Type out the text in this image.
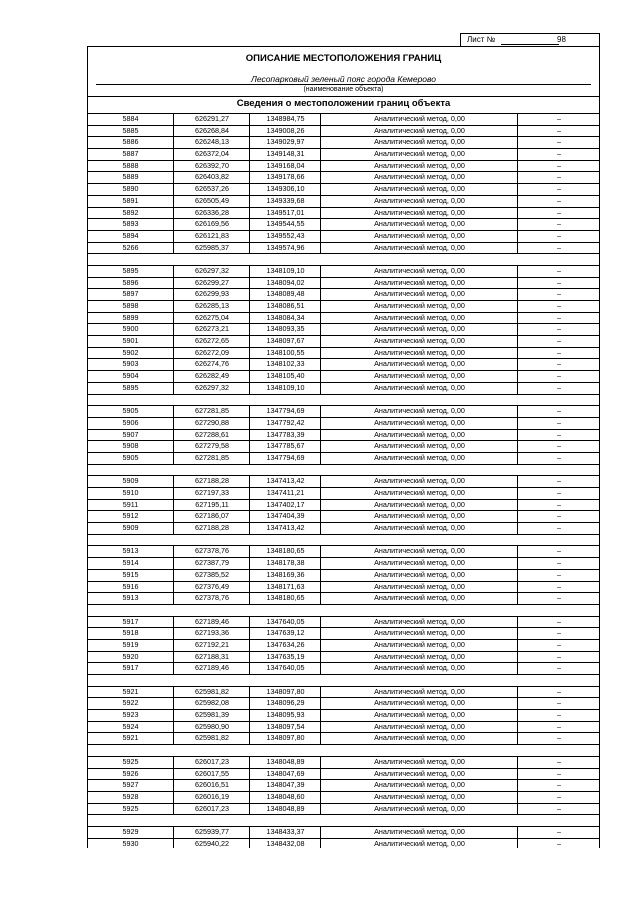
Лист №	98
ОПИСАНИЕ МЕСТОПОЛОЖЕНИЯ ГРАНИЦ
Лесопарковый зеленый пояс города Кемерово
(наименование объекта)
Сведения о местоположении границ объекта
5884	626291,27	1348984,75	Аналитический метод, 0,00	–
5885	626268,84	1349008,26	Аналитический метод, 0,00	–
5886	626248,13	1349029,97	Аналитический метод, 0,00	–
5887	626372,04	1349148,31	Аналитический метод, 0,00	–
5888	626392,70	1349168,04	Аналитический метод, 0,00	–
5889	626403,82	1349178,66	Аналитический метод, 0,00	–
5890	626537,26	1349306,10	Аналитический метод, 0,00	–
5891	626505,49	1349339,68	Аналитический метод, 0,00	–
5892	626336,28	1349517,01	Аналитический метод, 0,00	–
5893	626169,56	1349544,55	Аналитический метод, 0,00	–
5894	626121,83	1349552,43	Аналитический метод, 0,00	–
5266	625985,37	1349574,96	Аналитический метод, 0,00	–
5895	626297,32	1348109,10	Аналитический метод, 0,00	–
5896	626299,27	1348094,02	Аналитический метод, 0,00	–
5897	626299,93	1348089,48	Аналитический метод, 0,00	–
5898	626285,13	1348086,51	Аналитический метод, 0,00	–
5899	626275,04	1348084,34	Аналитический метод, 0,00	–
5900	626273,21	1348093,35	Аналитический метод, 0,00	–
5901	626272,65	1348097,67	Аналитический метод, 0,00	–
5902	626272,09	1348100,55	Аналитический метод, 0,00	–
5903	626274,76	1348102,33	Аналитический метод, 0,00	–
5904	626282,49	1348105,40	Аналитический метод, 0,00	–
5895	626297,32	1348109,10	Аналитический метод, 0,00	–
5905	627281,85	1347794,69	Аналитический метод, 0,00	–
5906	627290,88	1347792,42	Аналитический метод, 0,00	–
5907	627288,61	1347783,39	Аналитический метод, 0,00	–
5908	627279,58	1347785,67	Аналитический метод, 0,00	–
5905	627281,85	1347794,69	Аналитический метод, 0,00	–
5909	627188,28	1347413,42	Аналитический метод, 0,00	–
5910	627197,33	1347411,21	Аналитический метод, 0,00	–
5911	627195,11	1347402,17	Аналитический метод, 0,00	–
5912	627186,07	1347404,39	Аналитический метод, 0,00	–
5909	627188,28	1347413,42	Аналитический метод, 0,00	–
5913	627378,76	1348180,65	Аналитический метод, 0,00	–
5914	627387,79	1348178,38	Аналитический метод, 0,00	–
5915	627385,52	1348169,36	Аналитический метод, 0,00	–
5916	627376,49	1348171,63	Аналитический метод, 0,00	–
5913	627378,76	1348180,65	Аналитический метод, 0,00	–
5917	627189,46	1347640,05	Аналитический метод, 0,00	–
5918	627193,36	1347639,12	Аналитический метод, 0,00	–
5919	627192,21	1347634,26	Аналитический метод, 0,00	–
5920	627188,31	1347635,19	Аналитический метод, 0,00	–
5917	627189,46	1347640,05	Аналитический метод, 0,00	–
5921	625981,82	1348097,80	Аналитический метод, 0,00	–
5922	625982,08	1348096,29	Аналитический метод, 0,00	–
5923	625981,39	1348095,93	Аналитический метод, 0,00	–
5924	625980,90	1348097,54	Аналитический метод, 0,00	–
5921	625981,82	1348097,80	Аналитический метод, 0,00	–
5925	626017,23	1348048,89	Аналитический метод, 0,00	–
5926	626017,55	1348047,69	Аналитический метод, 0,00	–
5927	626016,51	1348047,39	Аналитический метод, 0,00	–
5928	626016,19	1348048,60	Аналитический метод, 0,00	–
5925	626017,23	1348048,89	Аналитический метод, 0,00	–
5929	625939,77	1348433,37	Аналитический метод, 0,00	–
5930	625940,22	1348432,08	Аналитический метод, 0,00	–
